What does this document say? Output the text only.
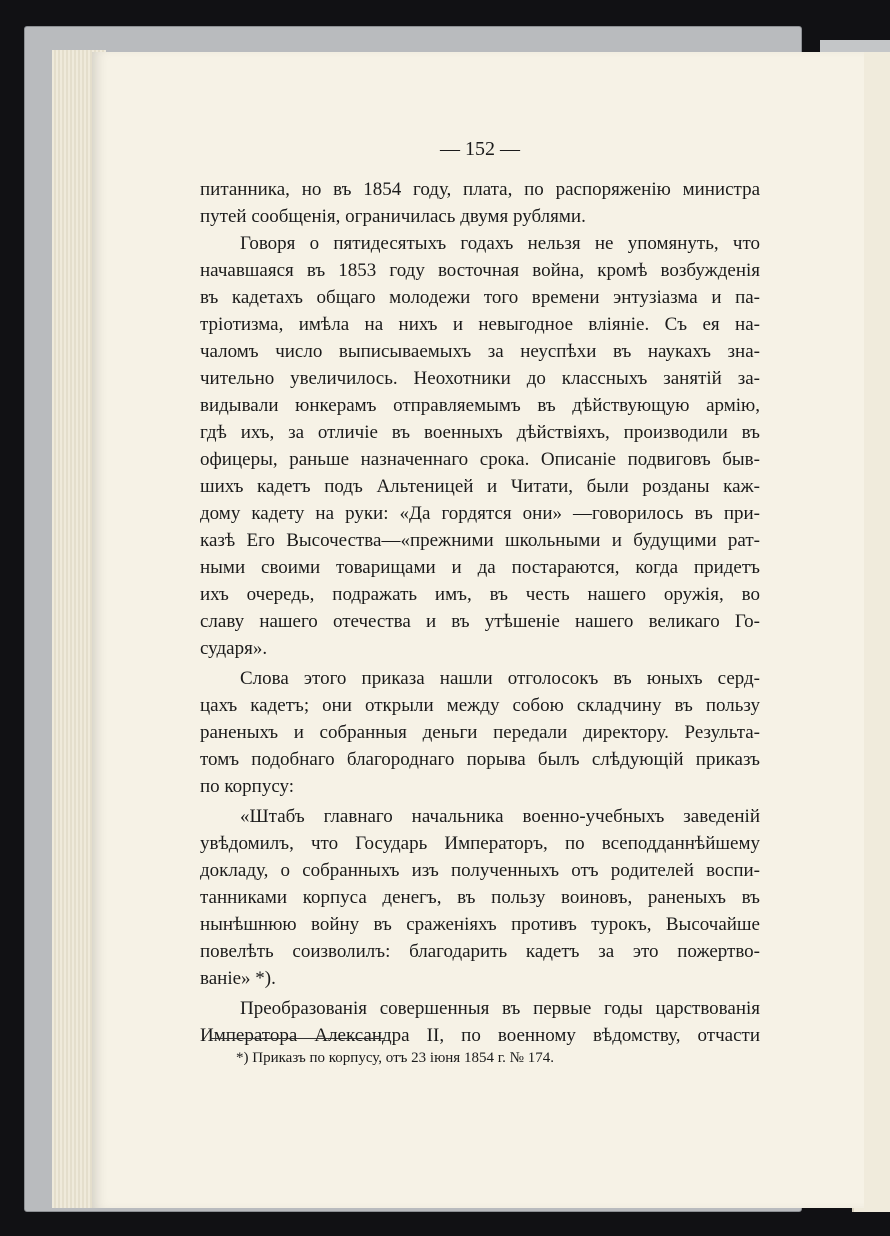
— 152 —

питанника, но въ 1854 году, плата, по распоряженію министра
путей сообщенія, ограничилась двумя рублями.
Говоря о пятидесятыхъ годахъ нельзя не упомянуть, что
начавшаяся въ 1853 году восточная война, кромѣ возбужденія
въ кадетахъ общаго молодежи того времени энтузіазма и па-
тріотизма, имѣла на нихъ и невыгодное вліяніе. Съ ея на-
чаломъ число выписываемыхъ за неуспѣхи въ наукахъ зна-
чительно увеличилось. Неохотники до классныхъ занятій за-
видывали юнкерамъ отправляемымъ въ дѣйствующую армію,
гдѣ ихъ, за отличіе въ военныхъ дѣйствіяхъ, производили въ
офицеры, раньше назначеннаго срока. Описаніе подвиговъ быв-
шихъ кадетъ подъ Альтеницей и Читати, были розданы каж-
дому кадету на руки: «Да гордятся они» —говорилось въ при-
казѣ Его Высочества—«прежними школьными и будущими рат-
ными своими товарищами и да постараются, когда придетъ
ихъ очередь, подражать имъ, въ честь нашего оружія, во
славу нашего отечества и въ утѣшеніе нашего великаго Го-
сударя».
Слова этого приказа нашли отголосокъ въ юныхъ серд-
цахъ кадетъ; они открыли между собою складчину въ пользу
раненыхъ и собранныя деньги передали директору. Результа-
томъ подобнаго благороднаго порыва былъ слѣдующій приказъ
по корпусу:
«Штабъ главнаго начальника военно-учебныхъ заведеній
увѣдомилъ, что Государь Императоръ, по всеподданнѣйшему
докладу, о собранныхъ изъ полученныхъ отъ родителей воспи-
танниками корпуса денегъ, въ пользу воиновъ, раненыхъ въ
нынѣшнюю войну въ сраженіяхъ противъ турокъ, Высочайше
повелѣть соизволилъ: благодарить кадетъ за это пожертво-
ваніе» *).
Преобразованія совершенныя въ первые годы царствованія
Императора Александра II, по военному вѣдомству, отчасти

*) Приказъ по корпусу, отъ 23 іюня 1854 г. № 174.
